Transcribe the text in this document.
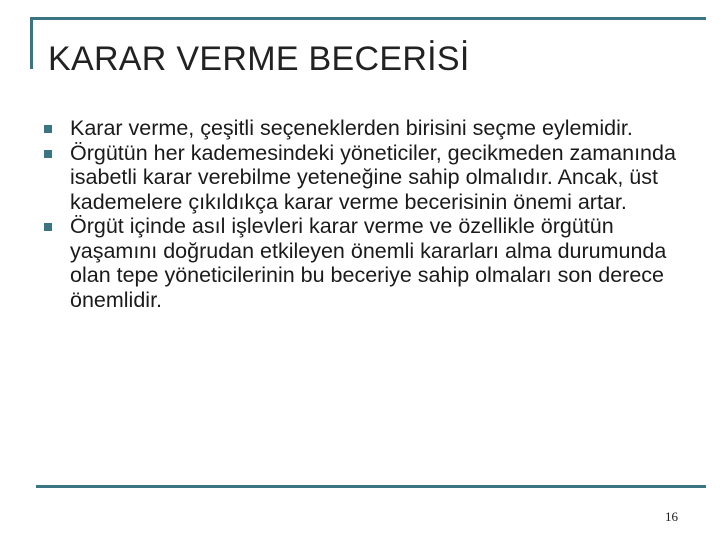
KARAR VERME BECERİSİ
Karar verme, çeşitli seçeneklerden birisini seçme eylemidir.
Örgütün her kademesindeki yöneticiler, gecikmeden zamanında isabetli karar verebilme yeteneğine sahip olmalıdır. Ancak, üst kademelere çıkıldıkça karar verme becerisinin önemi artar.
Örgüt içinde asıl işlevleri karar verme ve özellikle örgütün yaşamını doğrudan etkileyen önemli kararları alma durumunda olan tepe yöneticilerinin bu beceriye sahip olmaları son derece önemlidir.
16
